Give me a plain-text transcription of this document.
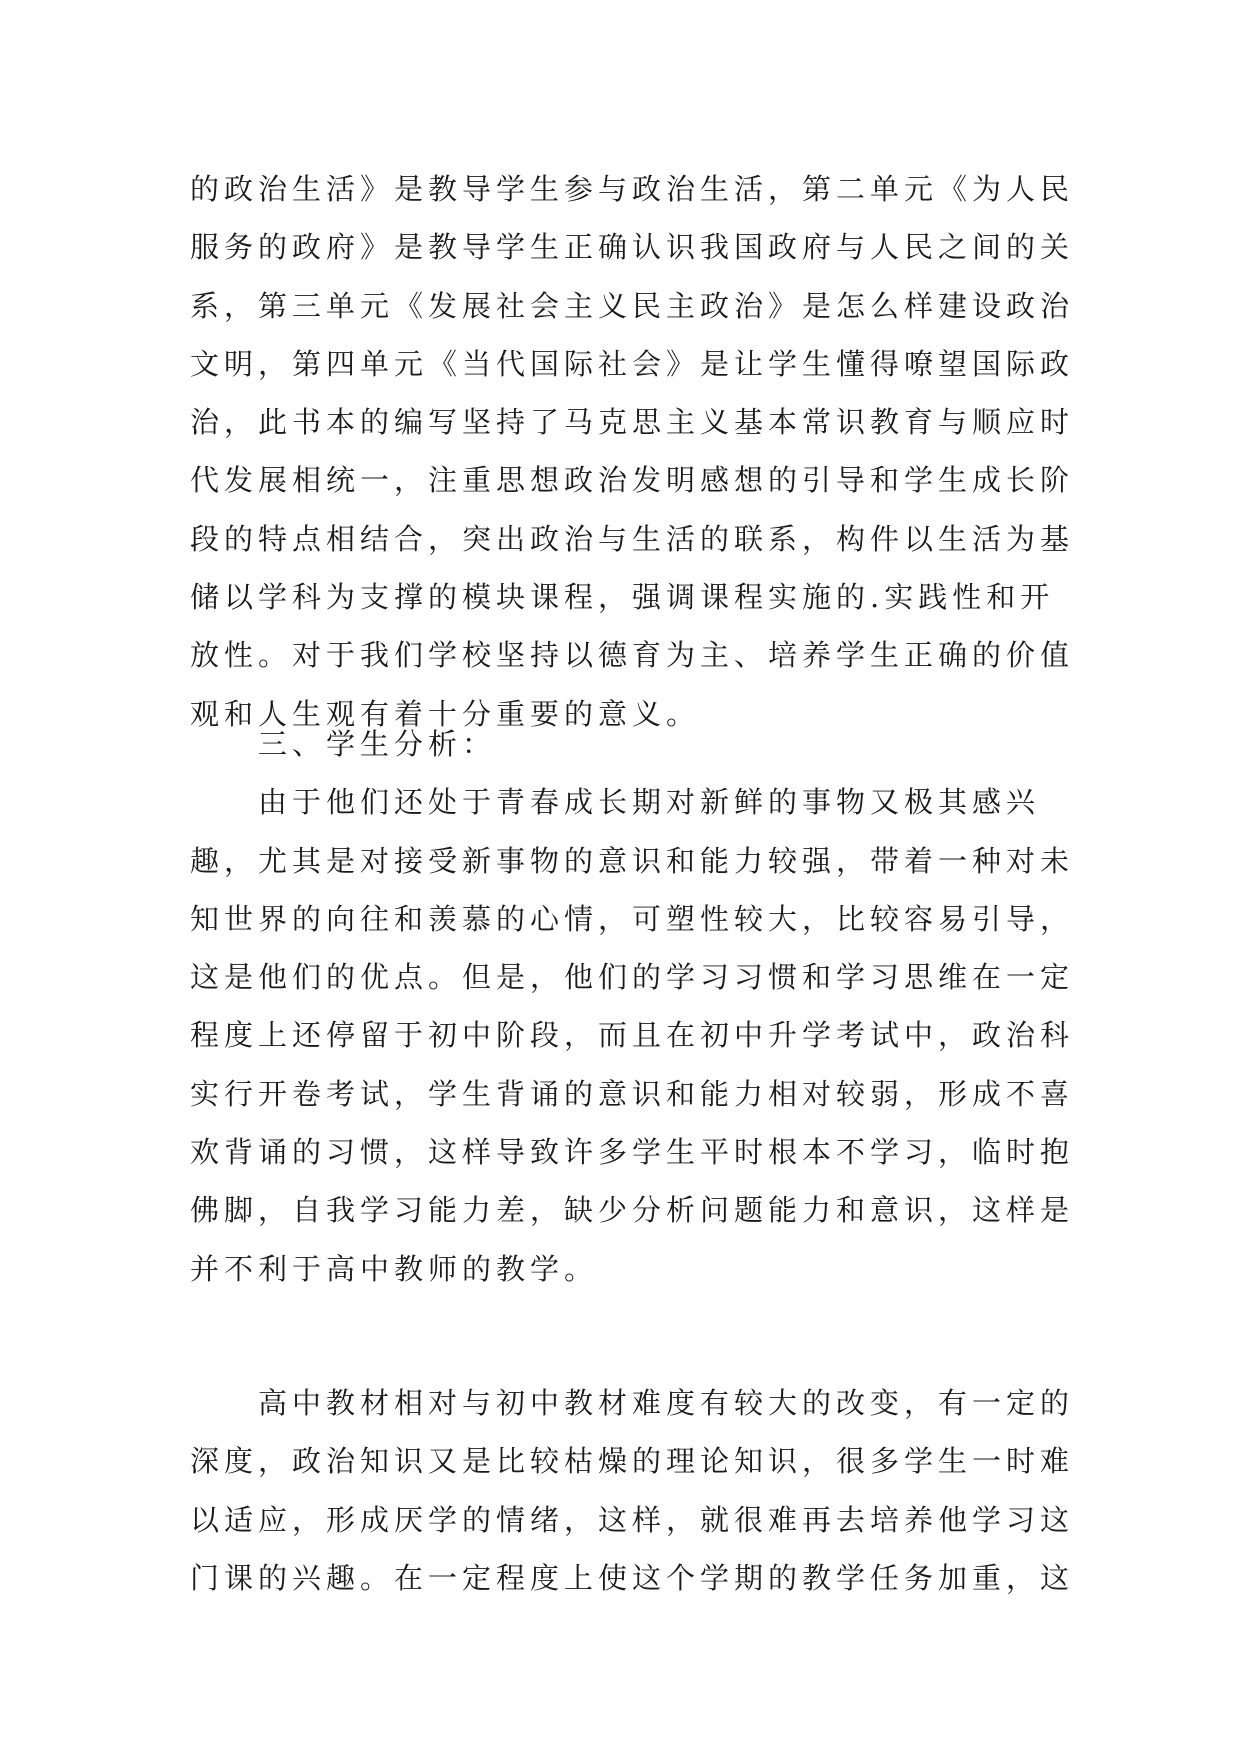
的政治生活》是教导学生参与政治生活，第二单元《为人民
服务的政府》是教导学生正确认识我国政府与人民之间的关
系，第三单元《发展社会主义民主政治》是怎么样建设政治
文明，第四单元《当代国际社会》是让学生懂得嘹望国际政
治，此书本的编写坚持了马克思主义基本常识教育与顺应时
代发展相统一，注重思想政治发明感想的引导和学生成长阶
段的特点相结合，突出政治与生活的联系，构件以生活为基
储以学科为支撑的模块课程，强调课程实施的.实践性和开
放性。对于我们学校坚持以德育为主、培养学生正确的价值
观和人生观有着十分重要的意义。
　　三、学生分析：
　　由于他们还处于青春成长期对新鲜的事物又极其感兴
趣，尤其是对接受新事物的意识和能力较强，带着一种对未
知世界的向往和羡慕的心情，可塑性较大，比较容易引导，
这是他们的优点。但是，他们的学习习惯和学习思维在一定
程度上还停留于初中阶段，而且在初中升学考试中，政治科
实行开卷考试，学生背诵的意识和能力相对较弱，形成不喜
欢背诵的习惯，这样导致许多学生平时根本不学习，临时抱
佛脚，自我学习能力差，缺少分析问题能力和意识，这样是
并不利于高中教师的教学。
　　高中教材相对与初中教材难度有较大的改变，有一定的
深度，政治知识又是比较枯燥的理论知识，很多学生一时难
以适应，形成厌学的情绪，这样，就很难再去培养他学习这
门课的兴趣。在一定程度上使这个学期的教学任务加重，这
